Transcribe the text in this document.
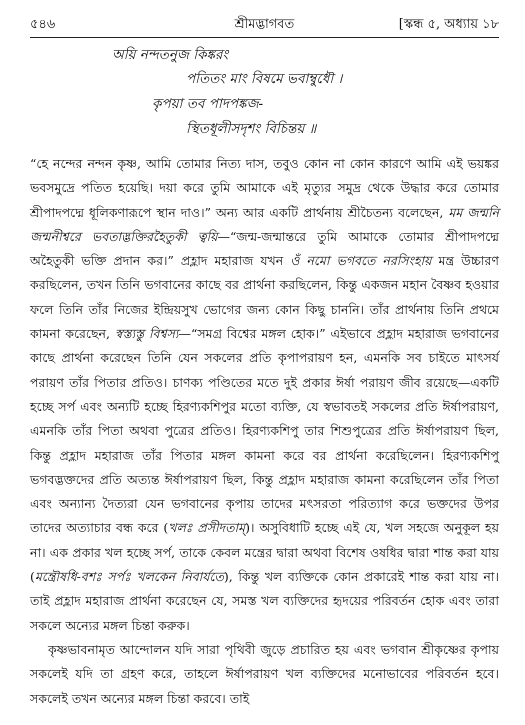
৫৪৬	শ্রীমদ্ভাগবত	[স্কন্ধ ৫, অধ্যায় ১৮
অয়ি নন্দতনুজ কিঙ্করং
পতিতং মাং বিষমে ভবাম্বুধৌ ।
কৃপয়া তব পাদপঙ্কজ-
স্থিতধূলীসদৃশং বিচিন্তয় ॥

“হে নন্দের নন্দন কৃষ্ণ, আমি তোমার নিত্য দাস, তবুও কোন না কোন কারণে আমি এই ভয়ঙ্কর ভবসমুদ্রে পতিত হয়েছি। দয়া করে তুমি আমাকে এই মৃত্যুর সমুদ্র থেকে উদ্ধার করে তোমার শ্রীপাদপদ্মে ধূলিকণারূপে স্থান দাও।” অন্য আর একটি প্রার্থনায় শ্রীচৈতন্য বলেছেন, মম জন্মনি জন্মনীশ্বরে ভবতাদ্ভক্তিরহৈতুকী ত্বয়ি—“জন্ম-জন্মান্তরে তুমি আমাকে তোমার শ্রীপাদপদ্মে অহৈতুকী ভক্তি প্রদান কর।” প্রহ্লাদ মহারাজ যখন ওঁ নমো ভগবতে নরসিংহায় মন্ত্র উচ্চারণ করছিলেন, তখন তিনি ভগবানের কাছে বর প্রার্থনা করছিলেন, কিন্তু একজন মহান বৈষ্ণব হওয়ার ফলে তিনি তাঁর নিজের ইন্দ্রিয়সুখ ভোগের জন্য কোন কিছু চাননি। তাঁর প্রার্থনায় তিনি প্রথমে কামনা করেছেন, স্বস্ত্যস্তু বিশ্বস্য—“সমগ্র বিশ্বের মঙ্গল হোক।” এইভাবে প্রহ্লাদ মহারাজ ভগবানের কাছে প্রার্থনা করেছেন তিনি যেন সকলের প্রতি কৃপাপরায়ণ হন, এমনকি সব চাইতে মাৎসর্য পরায়ণ তাঁর পিতার প্রতিও। চাণক্য পণ্ডিতের মতে দুই প্রকার ঈর্ষা পরায়ণ জীব রয়েছে—একটি হচ্ছে সর্প এবং অন্যটি হচ্ছে হিরণ্যকশিপুর মতো ব্যক্তি, যে স্বভাবতই সকলের প্রতি ঈর্ষাপরায়ণ, এমনকি তাঁর পিতা অথবা পুত্রের প্রতিও। হিরণ্যকশিপু তার শিশুপুত্রের প্রতি ঈর্ষাপরায়ণ ছিল, কিন্তু প্রহ্লাদ মহারাজ তাঁর পিতার মঙ্গল কামনা করে বর প্রার্থনা করেছিলেন। হিরণ্যকশিপু ভগবদ্ভক্তদের প্রতি অত্যন্ত ঈর্ষাপরায়ণ ছিল, কিন্তু প্রহ্লাদ মহারাজ কামনা করেছিলেন তাঁর পিতা এবং অন্যান্য দৈত্যরা যেন ভগবানের কৃপায় তাদের মৎসরতা পরিত্যাগ করে ভক্তদের উপর তাদের অত্যাচার বন্ধ করে (খলঃ প্রসীদতাম্)। অসুবিধাটি হচ্ছে এই যে, খল সহজে অনুকূল হয় না। এক প্রকার খল হচ্ছে সর্প, তাকে কেবল মন্ত্রের দ্বারা অথবা বিশেষ ওষধির দ্বারা শান্ত করা যায় (মন্ত্রৌষধি-বশঃ সর্পঃ খলকেন নিবার্যতে), কিন্তু খল ব্যক্তিকে কোন প্রকারেই শান্ত করা যায় না। তাই প্রহ্লাদ মহারাজ প্রার্থনা করেছেন যে, সমস্ত খল ব্যক্তিদের হৃদয়ের পরিবর্তন হোক এবং তারা সকলে অন্যের মঙ্গল চিন্তা করুক।

কৃষ্ণভাবনামৃত আন্দোলন যদি সারা পৃথিবী জুড়ে প্রচারিত হয় এবং ভগবান শ্রীকৃষ্ণের কৃপায় সকলেই যদি তা গ্রহণ করে, তাহলে ঈর্ষাপরায়ণ খল ব্যক্তিদের মনোভাবের পরিবর্তন হবে। সকলেই তখন অন্যের মঙ্গল চিন্তা করবে। তাই
